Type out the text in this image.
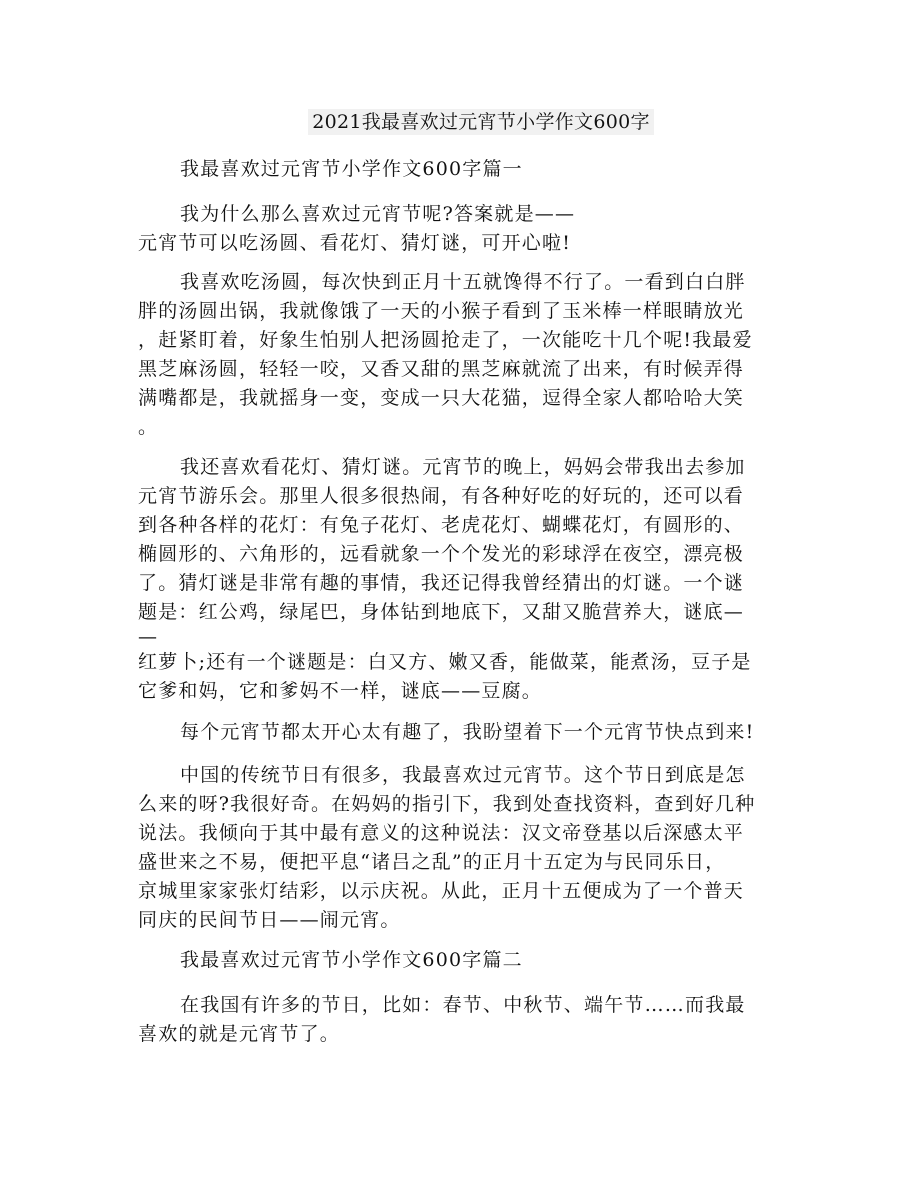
2021我最喜欢过元宵节小学作文600字
我最喜欢过元宵节小学作文600字篇一
我为什么那么喜欢过元宵节呢?答案就是——
元宵节可以吃汤圆、看花灯、猜灯谜，可开心啦!
我喜欢吃汤圆，每次快到正月十五就馋得不行了。一看到白白胖
胖的汤圆出锅，我就像饿了一天的小猴子看到了玉米棒一样眼睛放光
，赶紧盯着，好象生怕别人把汤圆抢走了，一次能吃十几个呢!我最爱
黑芝麻汤圆，轻轻一咬，又香又甜的黑芝麻就流了出来，有时候弄得
满嘴都是，我就摇身一变，变成一只大花猫，逗得全家人都哈哈大笑
。
我还喜欢看花灯、猜灯谜。元宵节的晚上，妈妈会带我出去参加
元宵节游乐会。那里人很多很热闹，有各种好吃的好玩的，还可以看
到各种各样的花灯：有兔子花灯、老虎花灯、蝴蝶花灯，有圆形的、
椭圆形的、六角形的，远看就象一个个发光的彩球浮在夜空，漂亮极
了。猜灯谜是非常有趣的事情，我还记得我曾经猜出的灯谜。一个谜
题是：红公鸡，绿尾巴，身体钻到地底下，又甜又脆营养大，谜底—
—
红萝卜;还有一个谜题是：白又方、嫩又香，能做菜，能煮汤，豆子是
它爹和妈，它和爹妈不一样，谜底——豆腐。
每个元宵节都太开心太有趣了，我盼望着下一个元宵节快点到来!
中国的传统节日有很多，我最喜欢过元宵节。这个节日到底是怎
么来的呀?我很好奇。在妈妈的指引下，我到处查找资料，查到好几种
说法。我倾向于其中最有意义的这种说法：汉文帝登基以后深感太平
盛世来之不易，便把平息“诸吕之乱”的正月十五定为与民同乐日，
京城里家家张灯结彩，以示庆祝。从此，正月十五便成为了一个普天
同庆的民间节日——闹元宵。
我最喜欢过元宵节小学作文600字篇二
在我国有许多的节日，比如：春节、中秋节、端午节……而我最
喜欢的就是元宵节了。
